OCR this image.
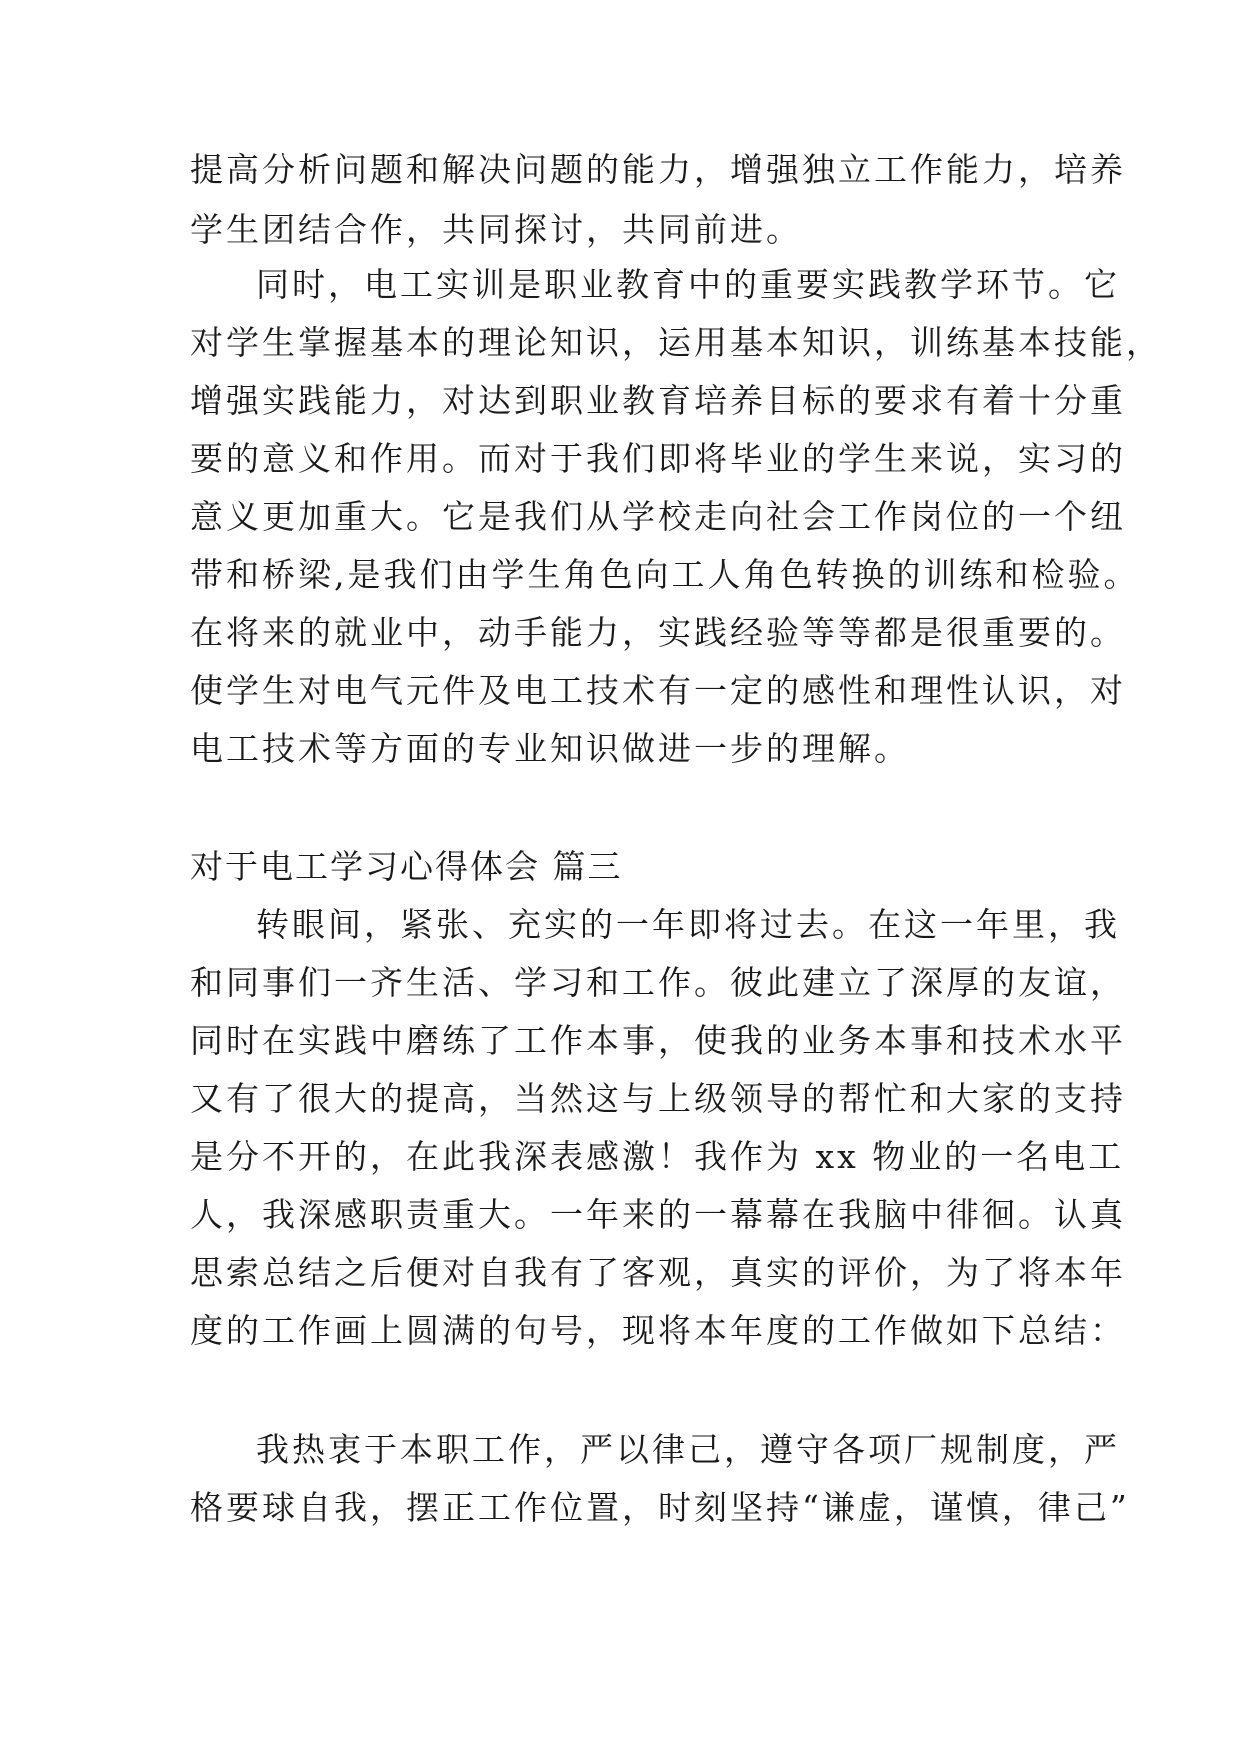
提高分析问题和解决问题的能力，增强独立工作能力，培养
学生团结合作，共同探讨，共同前进。
同时，电工实训是职业教育中的重要实践教学环节。它
对学生掌握基本的理论知识，运用基本知识，训练基本技能，
增强实践能力，对达到职业教育培养目标的要求有着十分重
要的意义和作用。而对于我们即将毕业的学生来说，实习的
意义更加重大。它是我们从学校走向社会工作岗位的一个纽
带和桥梁,是我们由学生角色向工人角色转换的训练和检验。
在将来的就业中，动手能力，实践经验等等都是很重要的。
使学生对电气元件及电工技术有一定的感性和理性认识，对
电工技术等方面的专业知识做进一步的理解。
对于电工学习心得体会 篇三
转眼间，紧张、充实的一年即将过去。在这一年里，我
和同事们一齐生活、学习和工作。彼此建立了深厚的友谊，
同时在实践中磨练了工作本事，使我的业务本事和技术水平
又有了很大的提高，当然这与上级领导的帮忙和大家的支持
是分不开的，在此我深表感激！我作为 xx 物业的一名电工
人，我深感职责重大。一年来的一幕幕在我脑中徘徊。认真
思索总结之后便对自我有了客观，真实的评价，为了将本年
度的工作画上圆满的句号，现将本年度的工作做如下总结：
我热衷于本职工作，严以律己，遵守各项厂规制度，严
格要球自我，摆正工作位置，时刻坚持“谦虚，谨慎，律己”
